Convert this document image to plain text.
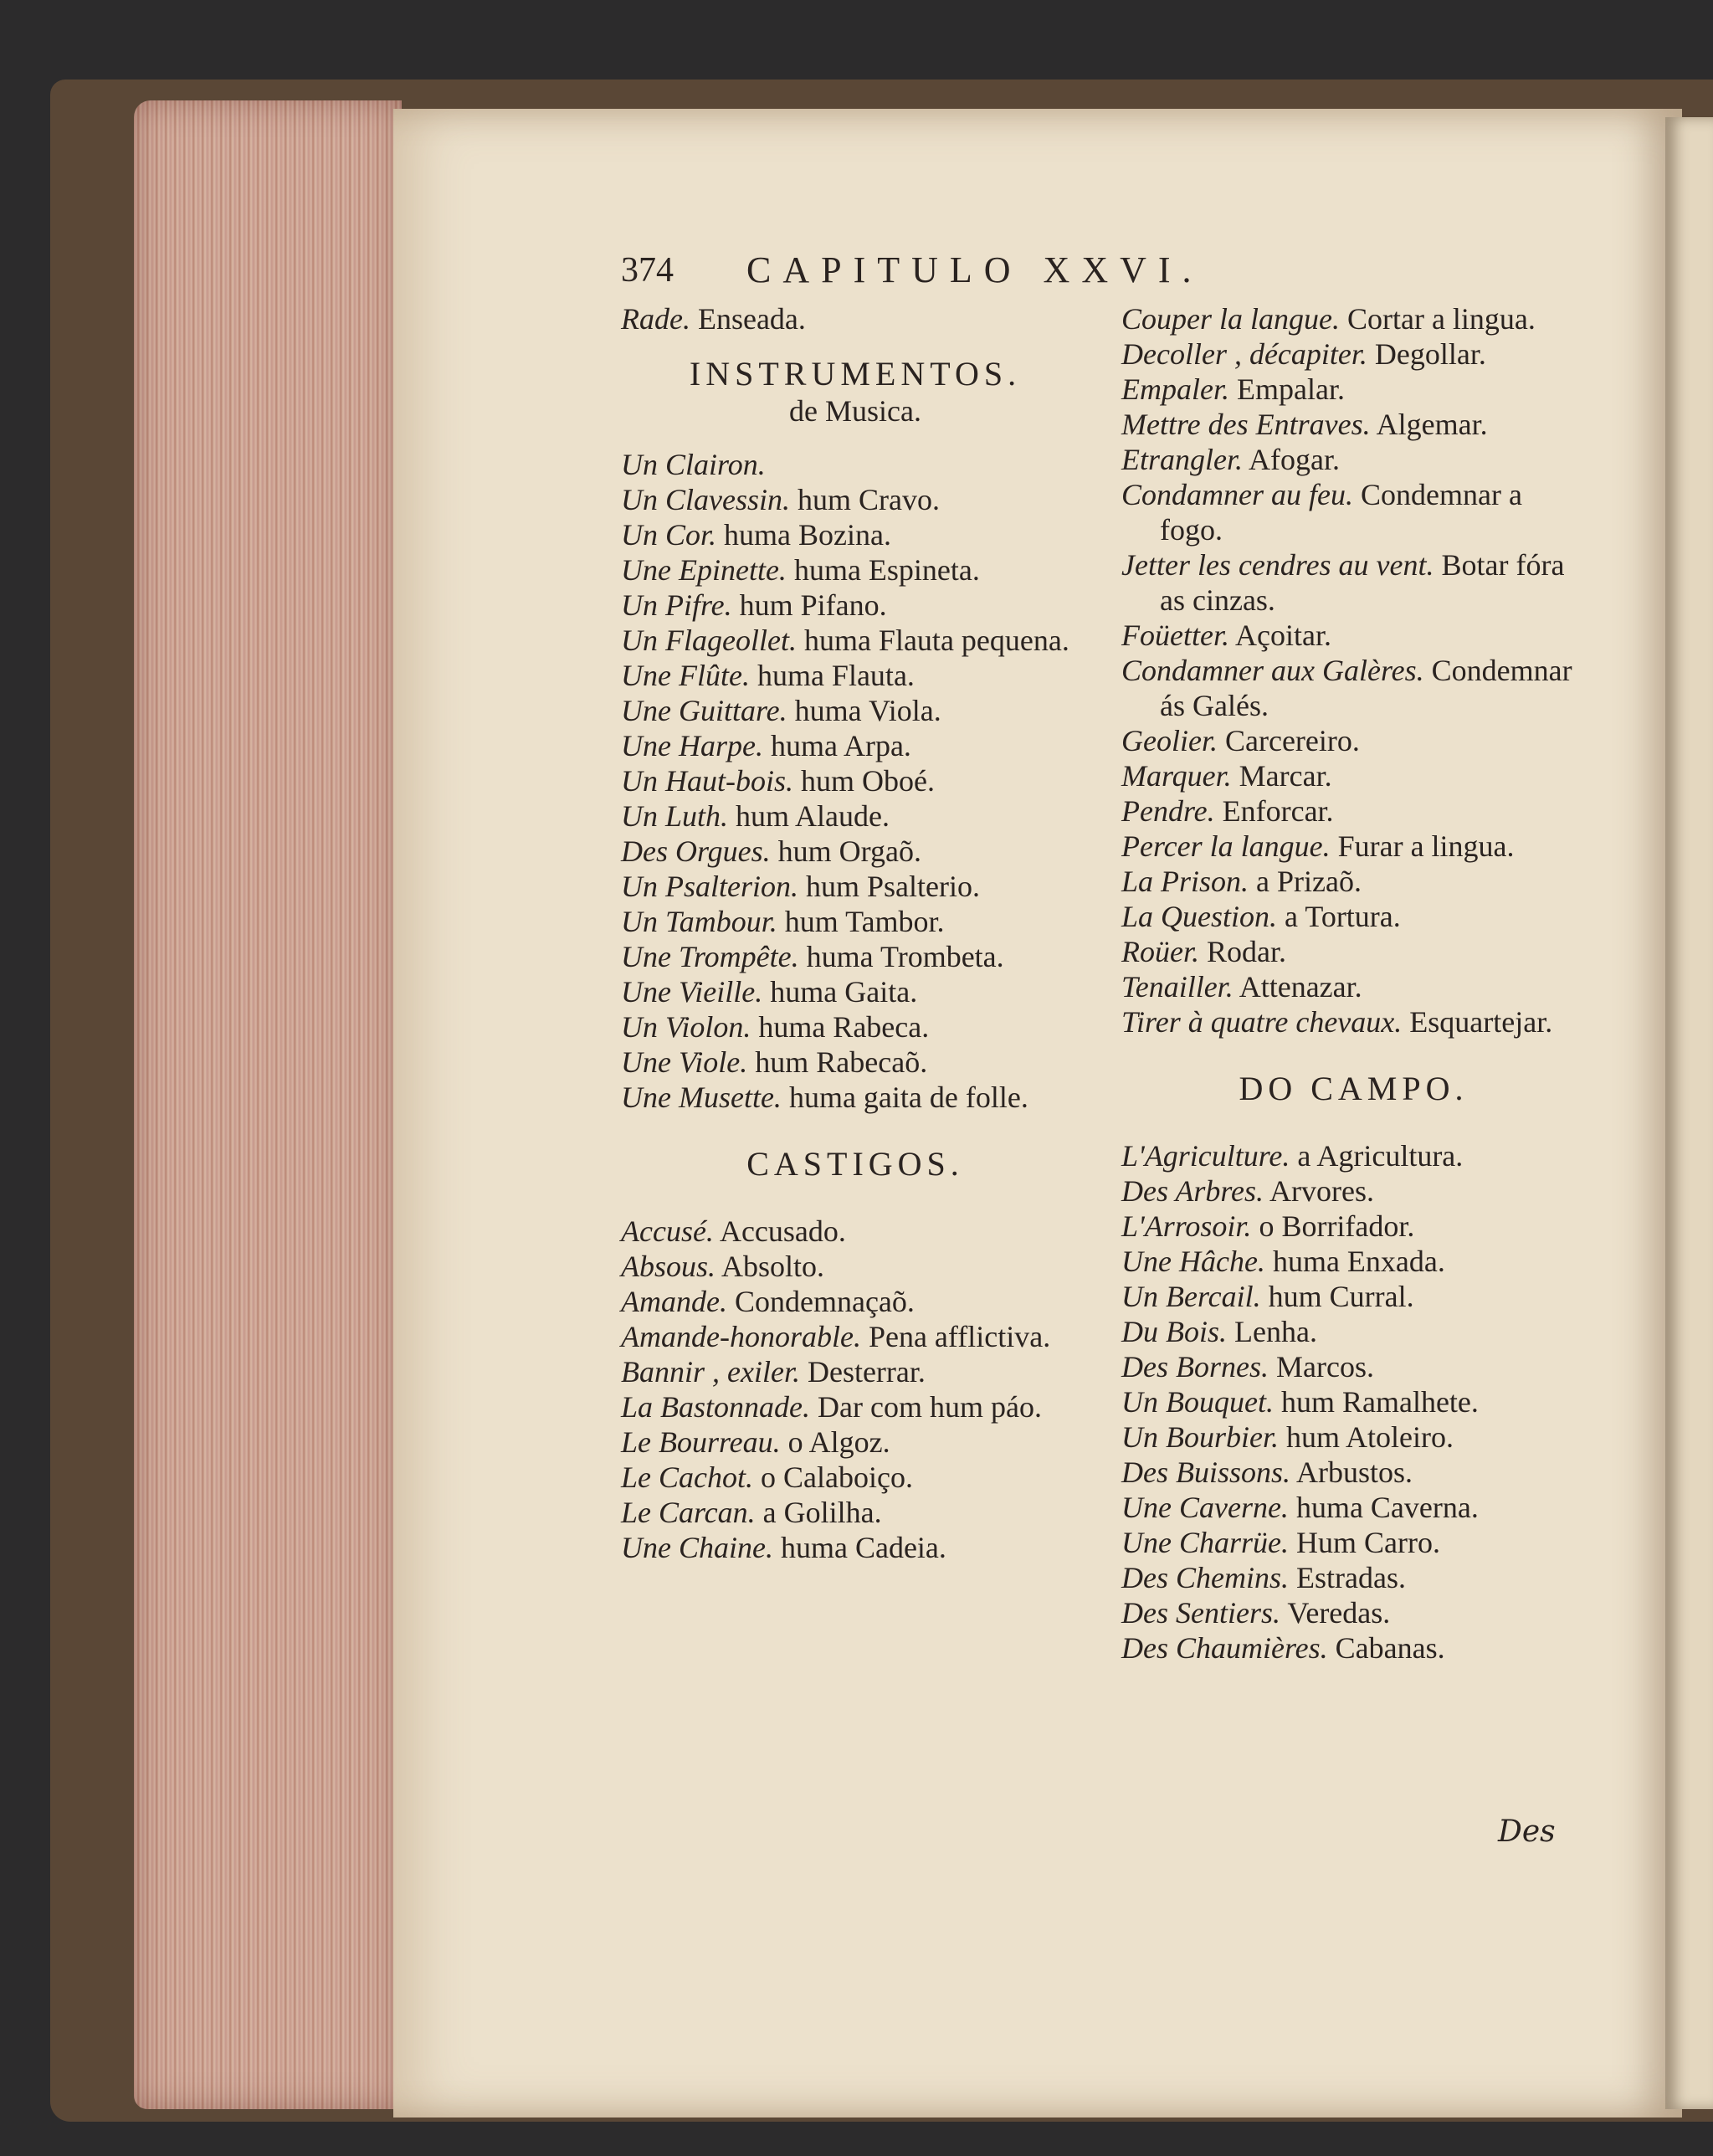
374 CAPITULO XXVI.

Rade. Enseada.

INSTRUMENTOS.
de Musica.

Un Clairon.

Un Clavessin. hum Cravo.

Un Cor. huma Bozina.

Une Epinette. huma Espineta.

Un Pifre. hum Pifano.

Un Flageollet. huma Flauta pequena.

Une Flûte. huma Flauta.

Une Guittare. huma Viola.

Une Harpe. huma Arpa.

Un Haut-bois. hum Oboé.

Un Luth. hum Alaude.

Des Orgues. hum Orgaõ.

Un Psalterion. hum Psalterio.

Un Tambour. hum Tambor.

Une Trompête. huma Trombeta.

Une Vieille. huma Gaita.

Un Violon. huma Rabeca.

Une Viole. hum Rabecaõ.

Une Musette. huma gaita de folle.

CASTIGOS.

Accusé. Accusado.

Absous. Absolto.

Amande. Condemnaçaõ.

Amande-honorable. Pena afflictiva.

Bannir , exiler. Desterrar.

La Bastonnade. Dar com hum páo.

Le Bourreau. o Algoz.

Le Cachot. o Calaboiço.

Le Carcan. a Golilha.

Une Chaine. huma Cadeia.

Couper la langue. Cortar a lingua.

Decoller , décapiter. Degollar.

Empaler. Empalar.

Mettre des Entraves. Algemar.

Etrangler. Afogar.

Condamner au feu. Condemnar a fogo.

Jetter les cendres au vent. Botar fóra as cinzas.

Foüetter. Açoitar.

Condamner aux Galères. Condemnar ás Galés.

Geolier. Carcereiro.

Marquer. Marcar.

Pendre. Enforcar.

Percer la langue. Furar a lingua.

La Prison. a Prizaõ.

La Question. a Tortura.

Roüer. Rodar.

Tenailler. Attenazar.

Tirer à quatre chevaux. Esquartejar.

DO CAMPO.

L'Agriculture. a Agricultura.

Des Arbres. Arvores.

L'Arrosoir. o Borrifador.

Une Hâche. huma Enxada.

Un Bercail. hum Curral.

Du Bois. Lenha.

Des Bornes. Marcos.

Un Bouquet. hum Ramalhete.

Un Bourbier. hum Atoleiro.

Des Buissons. Arbustos.

Une Caverne. huma Caverna.

Une Charrüe. Hum Carro.

Des Chemins. Estradas.

Des Sentiers. Veredas.

Des Chaumières. Cabanas.

Des
